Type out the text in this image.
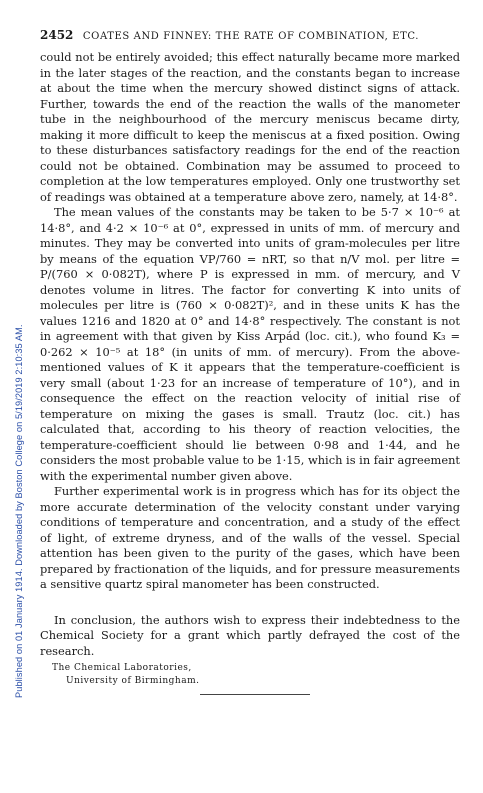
Published on 01 January 1914. Downloaded by Boston College on 5/19/2019 2:10:35 AM.
2452 COATES AND FINNEY: THE RATE OF COMBINATION, ETC.

could not be entirely avoided; this effect naturally became more marked in the later stages of the reaction, and the constants began to increase at about the time when the mercury showed distinct signs of attack. Further, towards the end of the reaction the walls of the manometer tube in the neighbourhood of the mercury meniscus became dirty, making it more difficult to keep the meniscus at a fixed position. Owing to these disturbances satisfactory readings for the end of the reaction could not be obtained. Combination may be assumed to proceed to completion at the low temperatures employed. Only one trustworthy set of readings was obtained at a temperature above zero, namely, at 14·8°.

The mean values of the constants may be taken to be 5·7 × 10⁻⁶ at 14·8°, and 4·2 × 10⁻⁶ at 0°, expressed in units of mm. of mercury and minutes. They may be converted into units of gram-molecules per litre by means of the equation VP/760 = nRT, so that n/V mol. per litre = P/(760 × 0·082T), where P is expressed in mm. of mercury, and V denotes volume in litres. The factor for converting K into units of molecules per litre is (760 × 0·082T)², and in these units K has the values 1216 and 1820 at 0° and 14·8° respectively. The constant is not in agreement with that given by Kiss Arpád (loc. cit.), who found K₃ = 0·262 × 10⁻⁵ at 18° (in units of mm. of mercury). From the above-mentioned values of K it appears that the temperature-coefficient is very small (about 1·23 for an increase of temperature of 10°), and in consequence the effect on the reaction velocity of initial rise of temperature on mixing the gases is small. Trautz (loc. cit.) has calculated that, according to his theory of reaction velocities, the temperature-coefficient should lie between 0·98 and 1·44, and he considers the most probable value to be 1·15, which is in fair agreement with the experimental number given above.

Further experimental work is in progress which has for its object the more accurate determination of the velocity constant under varying conditions of temperature and concentration, and a study of the effect of light, of extreme dryness, and of the walls of the vessel. Special attention has been given to the purity of the gases, which have been prepared by fractionation of the liquids, and for pressure measurements a sensitive quartz spiral manometer has been constructed.

In conclusion, the authors wish to express their indebtedness to the Chemical Society for a grant which partly defrayed the cost of the research.

The Chemical Laboratories,
University of Birmingham.
